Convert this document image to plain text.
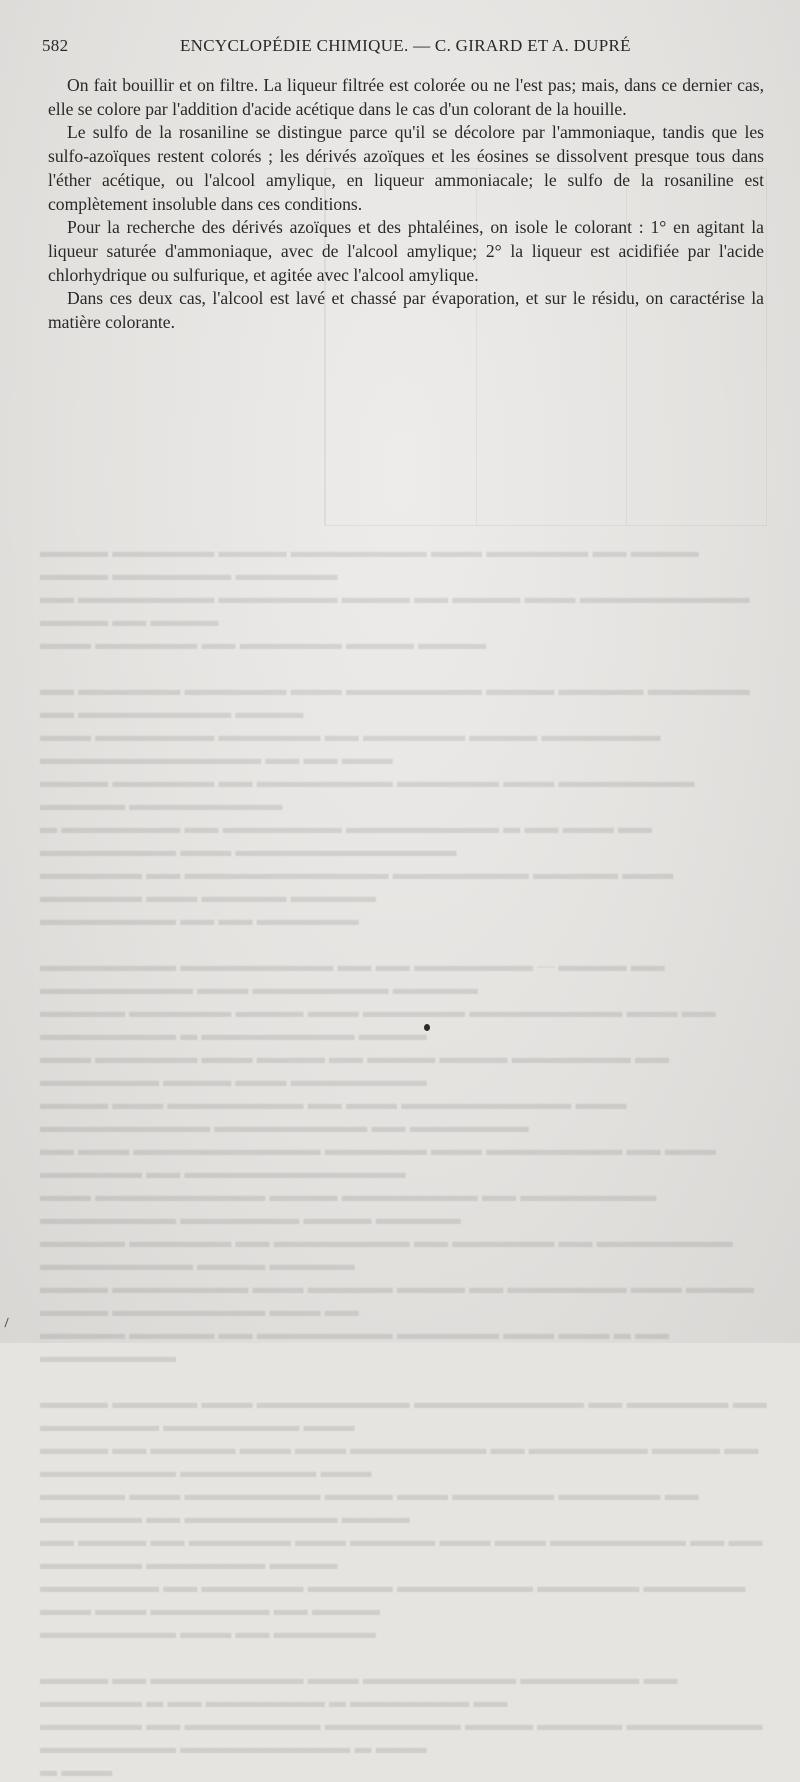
▬▬▬▬ ▬▬▬▬▬▬ ▬▬▬▬ ▬▬▬▬▬▬▬▬ ▬▬▬ ▬▬▬▬▬▬ ▬▬ ▬▬▬▬ ▬▬▬▬ ▬▬▬▬▬▬▬ ▬▬▬▬▬▬
▬▬ ▬▬▬▬▬▬▬▬ ▬▬▬▬▬▬▬ ▬▬▬▬ ▬▬ ▬▬▬▬ ▬▬▬ ▬▬▬▬▬▬▬▬▬▬ ▬▬▬▬ ▬▬ ▬▬▬▬
▬▬▬ ▬▬▬▬▬▬ ▬▬ ▬▬▬▬▬▬ ▬▬▬▬ ▬▬▬▬

▬▬ ▬▬▬▬▬▬ ▬▬▬▬▬▬ ▬▬▬ ▬▬▬▬▬▬▬▬ ▬▬▬▬ ▬▬▬▬▬ ▬▬▬▬▬▬ ▬▬ ▬▬▬▬▬▬▬▬▬ ▬▬▬▬
▬▬▬ ▬▬▬▬▬▬▬ ▬▬▬▬▬▬ ▬▬ ▬▬▬▬▬▬ ▬▬▬▬ ▬▬▬▬▬▬▬ ▬▬▬▬▬▬▬▬▬▬▬▬▬ ▬▬ ▬▬ ▬▬▬
▬▬▬▬ ▬▬▬▬▬▬ ▬▬ ▬▬▬▬▬▬▬▬ ▬▬▬▬▬▬ ▬▬▬ ▬▬▬▬▬▬▬▬ ▬▬▬▬▬ ▬▬▬▬▬▬▬▬▬
▬ ▬▬▬▬▬▬▬ ▬▬ ▬▬▬▬▬▬▬ ▬▬▬▬▬▬▬▬▬ ▬ ▬▬ ▬▬▬ ▬▬ ▬▬▬▬▬▬▬▬ ▬▬▬ ▬▬▬▬▬▬▬▬▬▬▬▬▬
▬▬▬▬▬▬ ▬▬ ▬▬▬▬▬▬▬▬▬▬▬▬ ▬▬▬▬▬▬▬▬ ▬▬▬▬▬ ▬▬▬ ▬▬▬▬▬▬ ▬▬▬ ▬▬▬▬▬ ▬▬▬▬▬
▬▬▬▬▬▬▬▬ ▬▬ ▬▬ ▬▬▬▬▬▬

▬▬▬▬▬▬▬▬ ▬▬▬▬▬▬▬▬▬ ▬▬ ▬▬ ▬▬▬▬▬▬▬ — ▬▬▬▬ ▬▬ ▬▬▬▬▬▬▬▬▬ ▬▬▬ ▬▬▬▬▬▬▬▬ ▬▬▬▬▬
▬▬▬▬▬ ▬▬▬▬▬▬ ▬▬▬▬ ▬▬▬ ▬▬▬▬▬▬ ▬▬▬▬▬▬▬▬▬ ▬▬▬ ▬▬ ▬▬▬▬▬▬▬▬ ▬ ▬▬▬▬▬▬▬▬▬ ▬▬▬▬
▬▬▬ ▬▬▬▬▬▬ ▬▬▬ ▬▬▬▬ ▬▬ ▬▬▬▬ ▬▬▬▬ ▬▬▬▬▬▬▬ ▬▬ ▬▬▬▬▬▬▬ ▬▬▬▬ ▬▬▬ ▬▬▬▬▬▬▬▬
▬▬▬▬ ▬▬▬ ▬▬▬▬▬▬▬▬ ▬▬ ▬▬▬ ▬▬▬▬▬▬▬▬▬▬ ▬▬▬ ▬▬▬▬▬▬▬▬▬▬ ▬▬▬▬▬▬▬▬▬ ▬▬ ▬▬▬▬▬▬▬
▬▬ ▬▬▬ ▬▬▬▬▬▬▬▬▬▬▬ ▬▬▬▬▬▬ ▬▬▬ ▬▬▬▬▬▬▬▬ ▬▬ ▬▬▬ ▬▬▬▬▬▬ ▬▬ ▬▬▬▬▬▬▬▬▬▬▬▬▬
▬▬▬ ▬▬▬▬▬▬▬▬▬▬ ▬▬▬▬ ▬▬▬▬▬▬▬▬ ▬▬ ▬▬▬▬▬▬▬▬ ▬▬▬▬▬▬▬▬ ▬▬▬▬▬▬▬ ▬▬▬▬ ▬▬▬▬▬
▬▬▬▬▬ ▬▬▬▬▬▬ ▬▬ ▬▬▬▬▬▬▬▬ ▬▬ ▬▬▬▬▬▬ ▬▬ ▬▬▬▬▬▬▬▬ ▬▬▬▬▬▬▬▬▬ ▬▬▬▬ ▬▬▬▬▬
▬▬▬▬ ▬▬▬▬▬▬▬▬ ▬▬▬ ▬▬▬▬▬ ▬▬▬▬ ▬▬ ▬▬▬▬▬▬▬ ▬▬▬ ▬▬▬▬ ▬▬▬▬ ▬▬▬▬▬▬▬▬▬ ▬▬▬ ▬▬
▬▬▬▬▬ ▬▬▬▬▬ ▬▬ ▬▬▬▬▬▬▬▬ ▬▬▬▬▬▬ ▬▬▬ ▬▬▬ ▬ ▬▬ ▬▬▬▬▬▬▬▬

▬▬▬▬ ▬▬▬▬▬ ▬▬▬ ▬▬▬▬▬▬▬▬▬ ▬▬▬▬▬▬▬▬▬▬ ▬▬ ▬▬▬▬▬▬ ▬▬ ▬▬▬▬▬▬▬ ▬▬▬▬▬▬▬▬ ▬▬▬
▬▬▬▬ ▬▬ ▬▬▬▬▬ ▬▬▬ ▬▬▬ ▬▬▬▬▬▬▬▬ ▬▬ ▬▬▬▬▬▬▬ ▬▬▬▬ ▬▬ ▬▬▬▬▬▬▬▬ ▬▬▬▬▬▬▬▬ ▬▬▬
▬▬▬▬▬ ▬▬▬ ▬▬▬▬▬▬▬▬ ▬▬▬▬ ▬▬▬ ▬▬▬▬▬▬ ▬▬▬▬▬▬ ▬▬ ▬▬▬▬▬▬ ▬▬ ▬▬▬▬▬▬▬▬▬ ▬▬▬▬
▬▬ ▬▬▬▬ ▬▬ ▬▬▬▬▬▬ ▬▬▬ ▬▬▬▬▬ ▬▬▬ ▬▬▬ ▬▬▬▬▬▬▬▬ ▬▬ ▬▬ ▬▬▬▬▬▬ ▬▬▬▬▬▬▬ ▬▬▬▬
▬▬▬▬▬▬▬ ▬▬ ▬▬▬▬▬▬ ▬▬▬▬▬ ▬▬▬▬▬▬▬▬ ▬▬▬▬▬▬ ▬▬▬▬▬▬ ▬▬▬ ▬▬▬ ▬▬▬▬▬▬▬ ▬▬ ▬▬▬▬
▬▬▬▬▬▬▬▬ ▬▬▬ ▬▬ ▬▬▬▬▬▬

▬▬▬▬ ▬▬ ▬▬▬▬▬▬▬▬▬ ▬▬▬ ▬▬▬▬▬▬▬▬▬ ▬▬▬▬▬▬▬ ▬▬ ▬▬▬▬▬▬ ▬ ▬▬ ▬▬▬▬▬▬▬ ▬ ▬▬▬▬▬▬▬ ▬▬
▬▬▬▬▬▬ ▬▬ ▬▬▬▬▬▬▬▬ ▬▬▬▬▬▬▬▬ ▬▬▬▬ ▬▬▬▬▬ ▬▬▬▬▬▬▬▬ ▬▬▬▬▬▬▬▬ ▬▬▬▬▬▬▬▬▬▬ ▬ ▬▬▬
▬ ▬▬▬
582	ENCYCLOPÉDIE CHIMIQUE. — C. GIRARD ET A. DUPRÉ

On fait bouillir et on filtre. La liqueur filtrée est colorée ou ne l'est pas; mais, dans ce dernier cas, elle se colore par l'addition d'acide acétique dans le cas d'un colorant de la houille.

Le sulfo de la rosaniline se distingue parce qu'il se décolore par l'ammoniaque, tandis que les sulfo-azoïques restent colorés ; les dérivés azoïques et les éosines se dissolvent presque tous dans l'éther acétique, ou l'alcool amylique, en liqueur ammoniacale; le sulfo de la rosaniline est complètement insoluble dans ces conditions.

Pour la recherche des dérivés azoïques et des phtaléines, on isole le colorant : 1° en agitant la liqueur saturée d'ammoniaque, avec de l'alcool amylique; 2° la liqueur est acidifiée par l'acide chlorhydrique ou sulfurique, et agitée avec l'alcool amylique.

Dans ces deux cas, l'alcool est lavé et chassé par évaporation, et sur le résidu, on caractérise la matière colorante.
